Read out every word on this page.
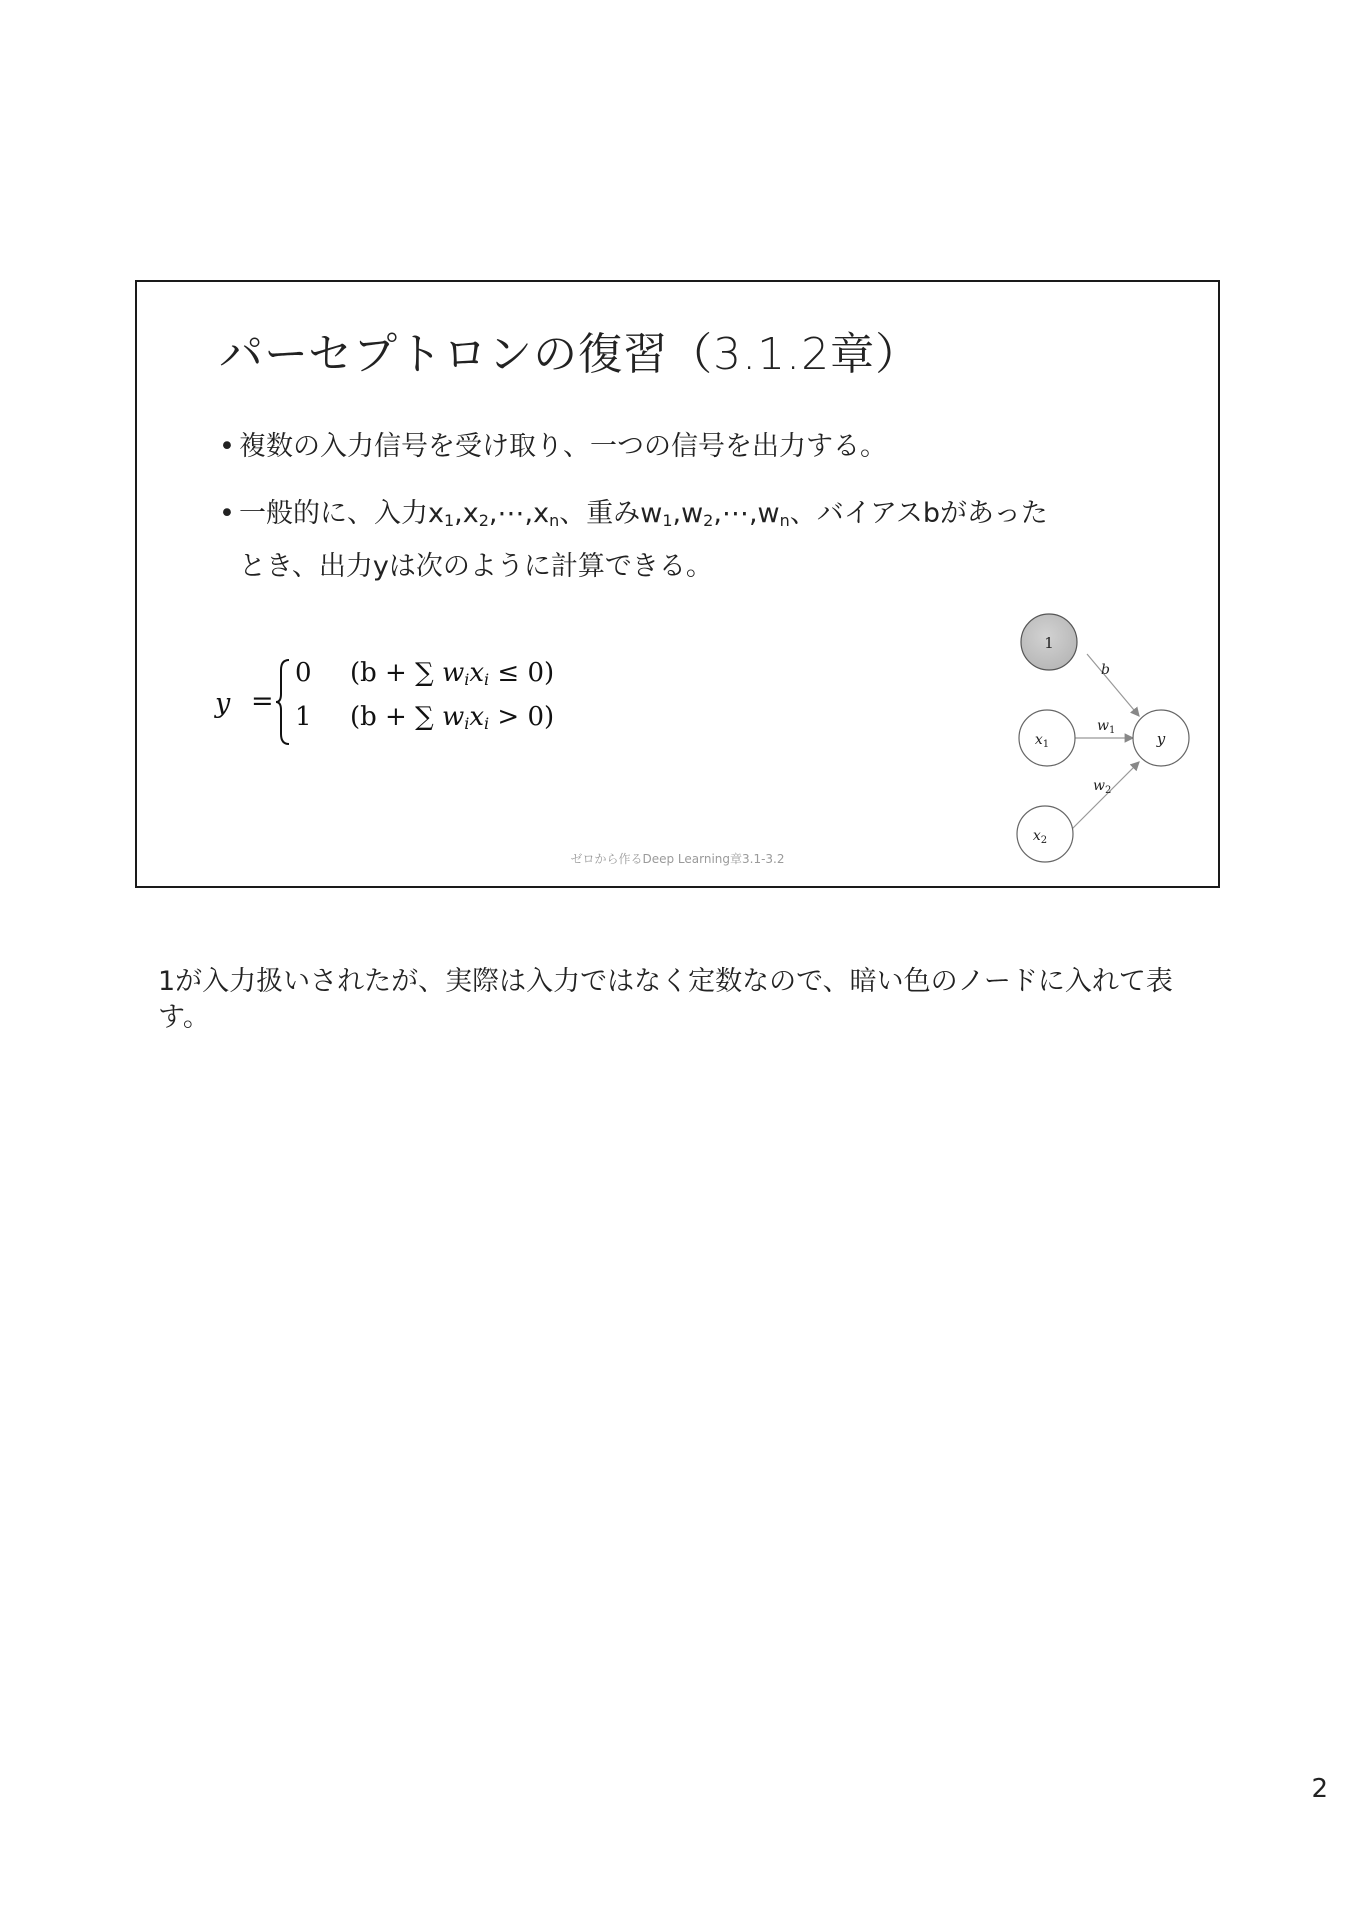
パーセプトロンの復習（3.1.2章）
• 複数の入力信号を受け取り、一つの信号を出力する。
• 一般的に、入力$x_1,x_2,\cdots,x_n$、重み$w_1,w_2,\cdots,w_n$、バイアスbがあった
とき、出力yは次のように計算できる。
y =
0 (b + ∑ $w_ix_i \le 0$)
1 (b + ∑ $w_ix_i > 0$)
1
b
$x_1$
$x_2$
$w_1$
$w_2$
y
ゼロから作るDeep Learning章3.1-3.2
1が入力扱いされたが、実際は入力ではなく定数なので、暗い色のノードに入れて表す。
2
